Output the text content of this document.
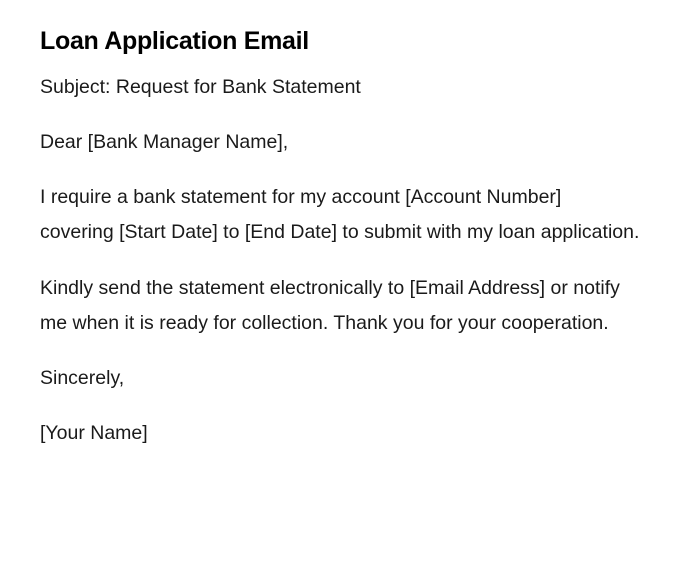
Loan Application Email

Subject: Request for Bank Statement

Dear [Bank Manager Name],

I require a bank statement for my account [Account Number] covering [Start Date] to [End Date] to submit with my loan application.

Kindly send the statement electronically to [Email Address] or notify me when it is ready for collection. Thank you for your cooperation.

Sincerely,

[Your Name]
